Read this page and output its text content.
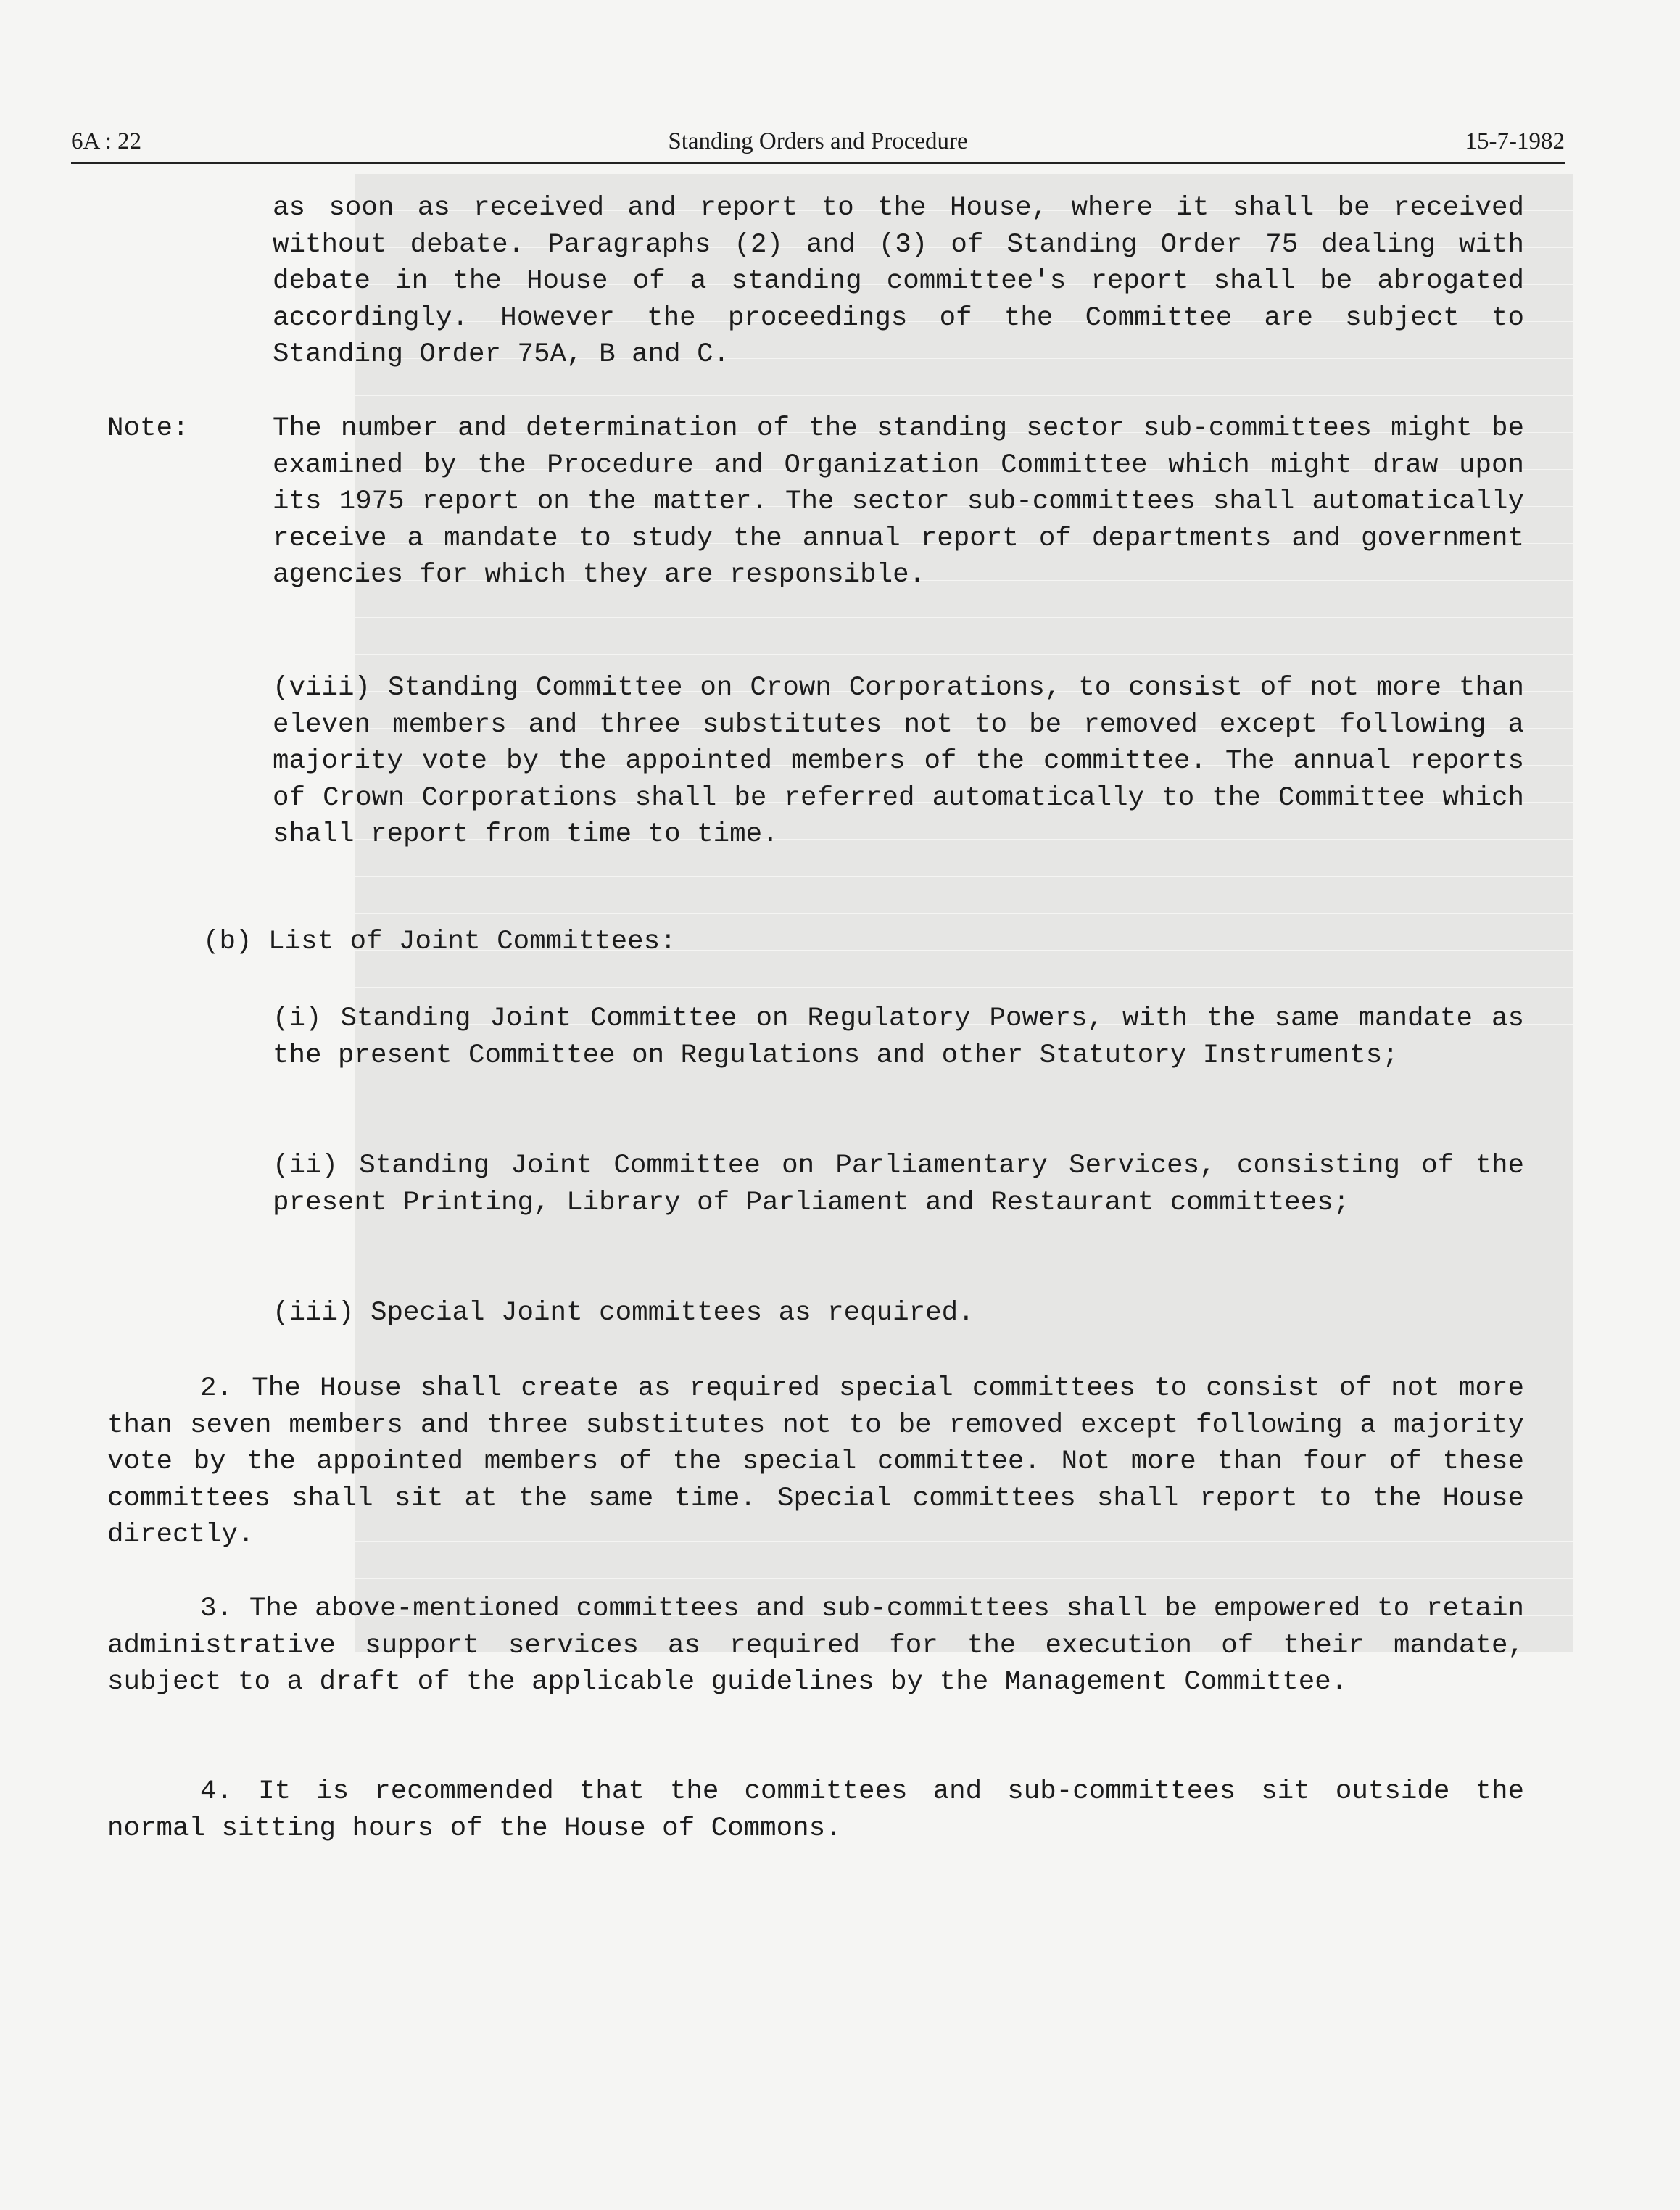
6A : 22	Standing Orders and Procedure	15-7-1982

as soon as received and report to the House, where it shall be received without debate. Paragraphs (2) and (3) of Standing Order 75 dealing with debate in the House of a standing committee's report shall be abrogated accordingly. However the proceedings of the Committee are subject to Standing Order 75A, B and C.

Note:	The number and determination of the standing sector sub-committees might be examined by the Procedure and Organization Committee which might draw upon its 1975 report on the matter. The sector sub-committees shall automatically receive a mandate to study the annual report of departments and government agencies for which they are responsible.

(viii) Standing Committee on Crown Corporations, to consist of not more than eleven members and three substitutes not to be removed except following a majority vote by the appointed members of the committee. The annual reports of Crown Corporations shall be referred automatically to the Committee which shall report from time to time.

(b) List of Joint Committees:

(i) Standing Joint Committee on Regulatory Powers, with the same mandate as the present Committee on Regulations and other Statutory Instruments;

(ii) Standing Joint Committee on Parliamentary Services, consisting of the present Printing, Library of Parliament and Restaurant committees;

(iii) Special Joint committees as required.

2. The House shall create as required special committees to consist of not more than seven members and three substitutes not to be removed except following a majority vote by the appointed members of the special committee. Not more than four of these committees shall sit at the same time. Special committees shall report to the House directly.

3. The above-mentioned committees and sub-committees shall be empowered to retain administrative support services as required for the execution of their mandate, subject to a draft of the applicable guidelines by the Management Committee.

4. It is recommended that the committees and sub-committees sit outside the normal sitting hours of the House of Commons.
